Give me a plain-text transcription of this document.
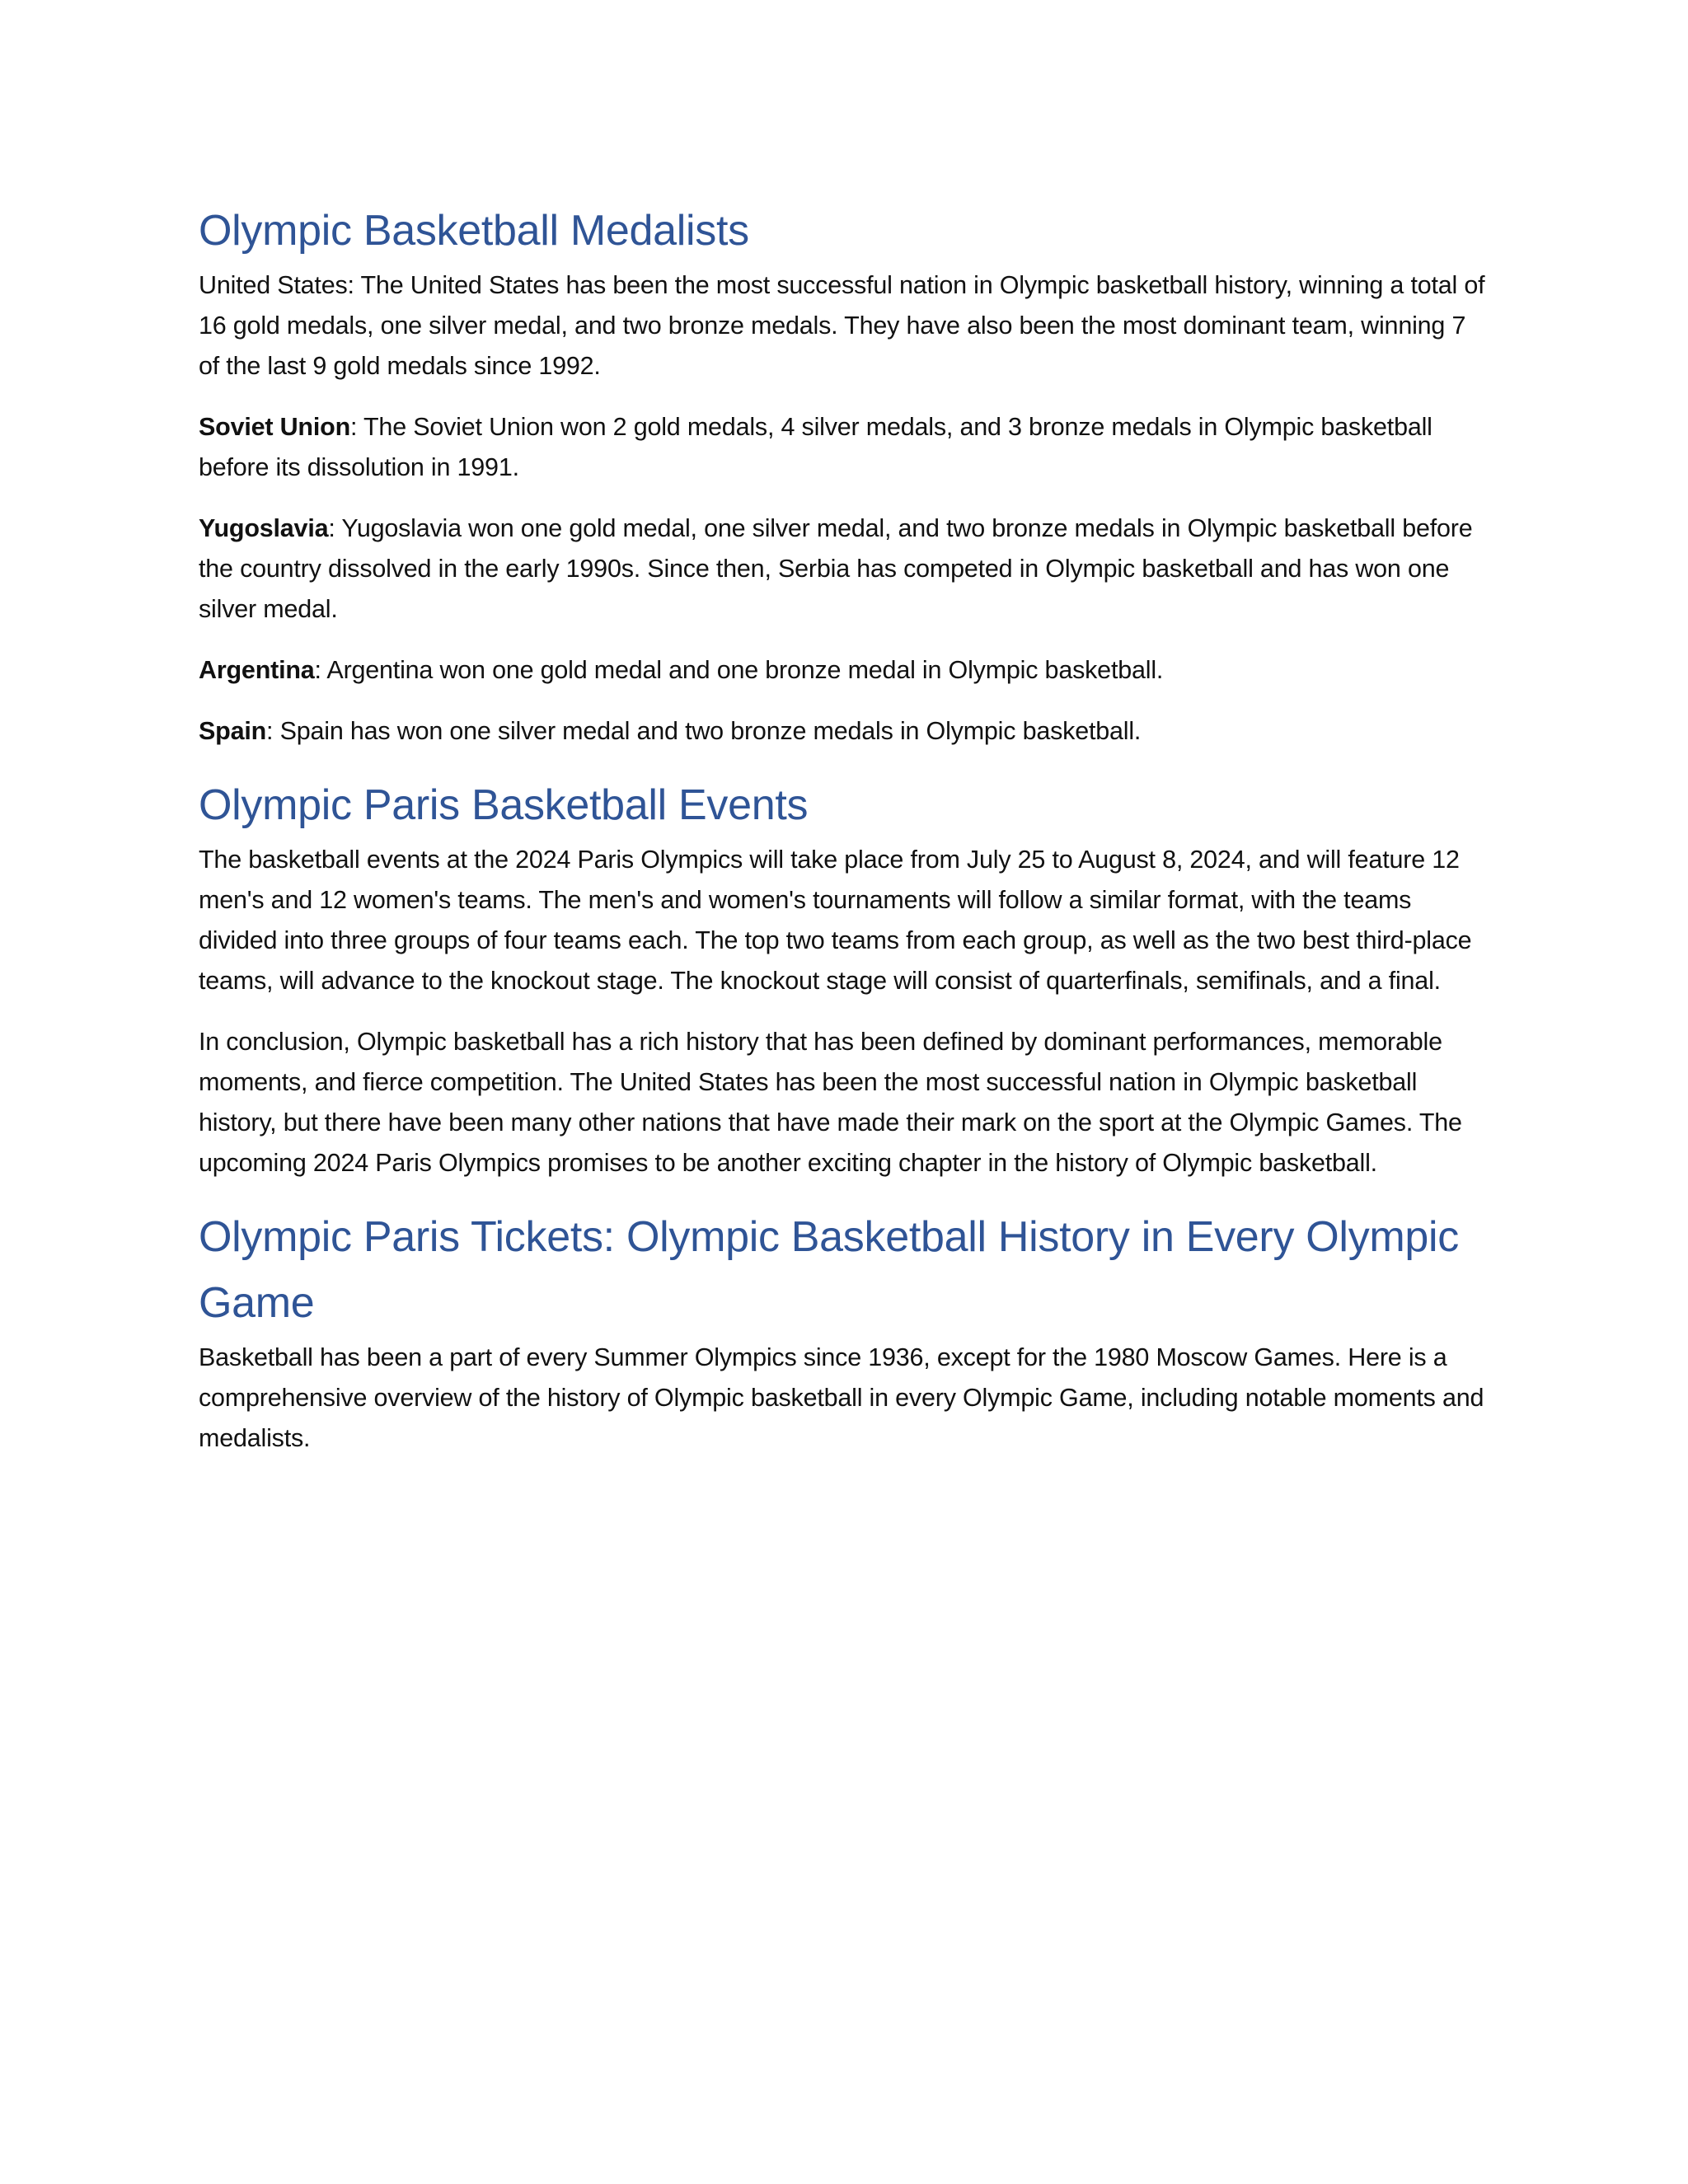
Olympic Basketball Medalists

United States: The United States has been the most successful nation in Olympic basketball history, winning a total of 16 gold medals, one silver medal, and two bronze medals. They have also been the most dominant team, winning 7 of the last 9 gold medals since 1992.

Soviet Union: The Soviet Union won 2 gold medals, 4 silver medals, and 3 bronze medals in Olympic basketball before its dissolution in 1991.

Yugoslavia: Yugoslavia won one gold medal, one silver medal, and two bronze medals in Olympic basketball before the country dissolved in the early 1990s. Since then, Serbia has competed in Olympic basketball and has won one silver medal.

Argentina: Argentina won one gold medal and one bronze medal in Olympic basketball.

Spain: Spain has won one silver medal and two bronze medals in Olympic basketball.

Olympic Paris Basketball Events

The basketball events at the 2024 Paris Olympics will take place from July 25 to August 8, 2024, and will feature 12 men's and 12 women's teams. The men's and women's tournaments will follow a similar format, with the teams divided into three groups of four teams each. The top two teams from each group, as well as the two best third-place teams, will advance to the knockout stage. The knockout stage will consist of quarterfinals, semifinals, and a final.

In conclusion, Olympic basketball has a rich history that has been defined by dominant performances, memorable moments, and fierce competition. The United States has been the most successful nation in Olympic basketball history, but there have been many other nations that have made their mark on the sport at the Olympic Games. The upcoming 2024 Paris Olympics promises to be another exciting chapter in the history of Olympic basketball.

Olympic Paris Tickets: Olympic Basketball History in Every Olympic Game

Basketball has been a part of every Summer Olympics since 1936, except for the 1980 Moscow Games. Here is a comprehensive overview of the history of Olympic basketball in every Olympic Game, including notable moments and medalists.
